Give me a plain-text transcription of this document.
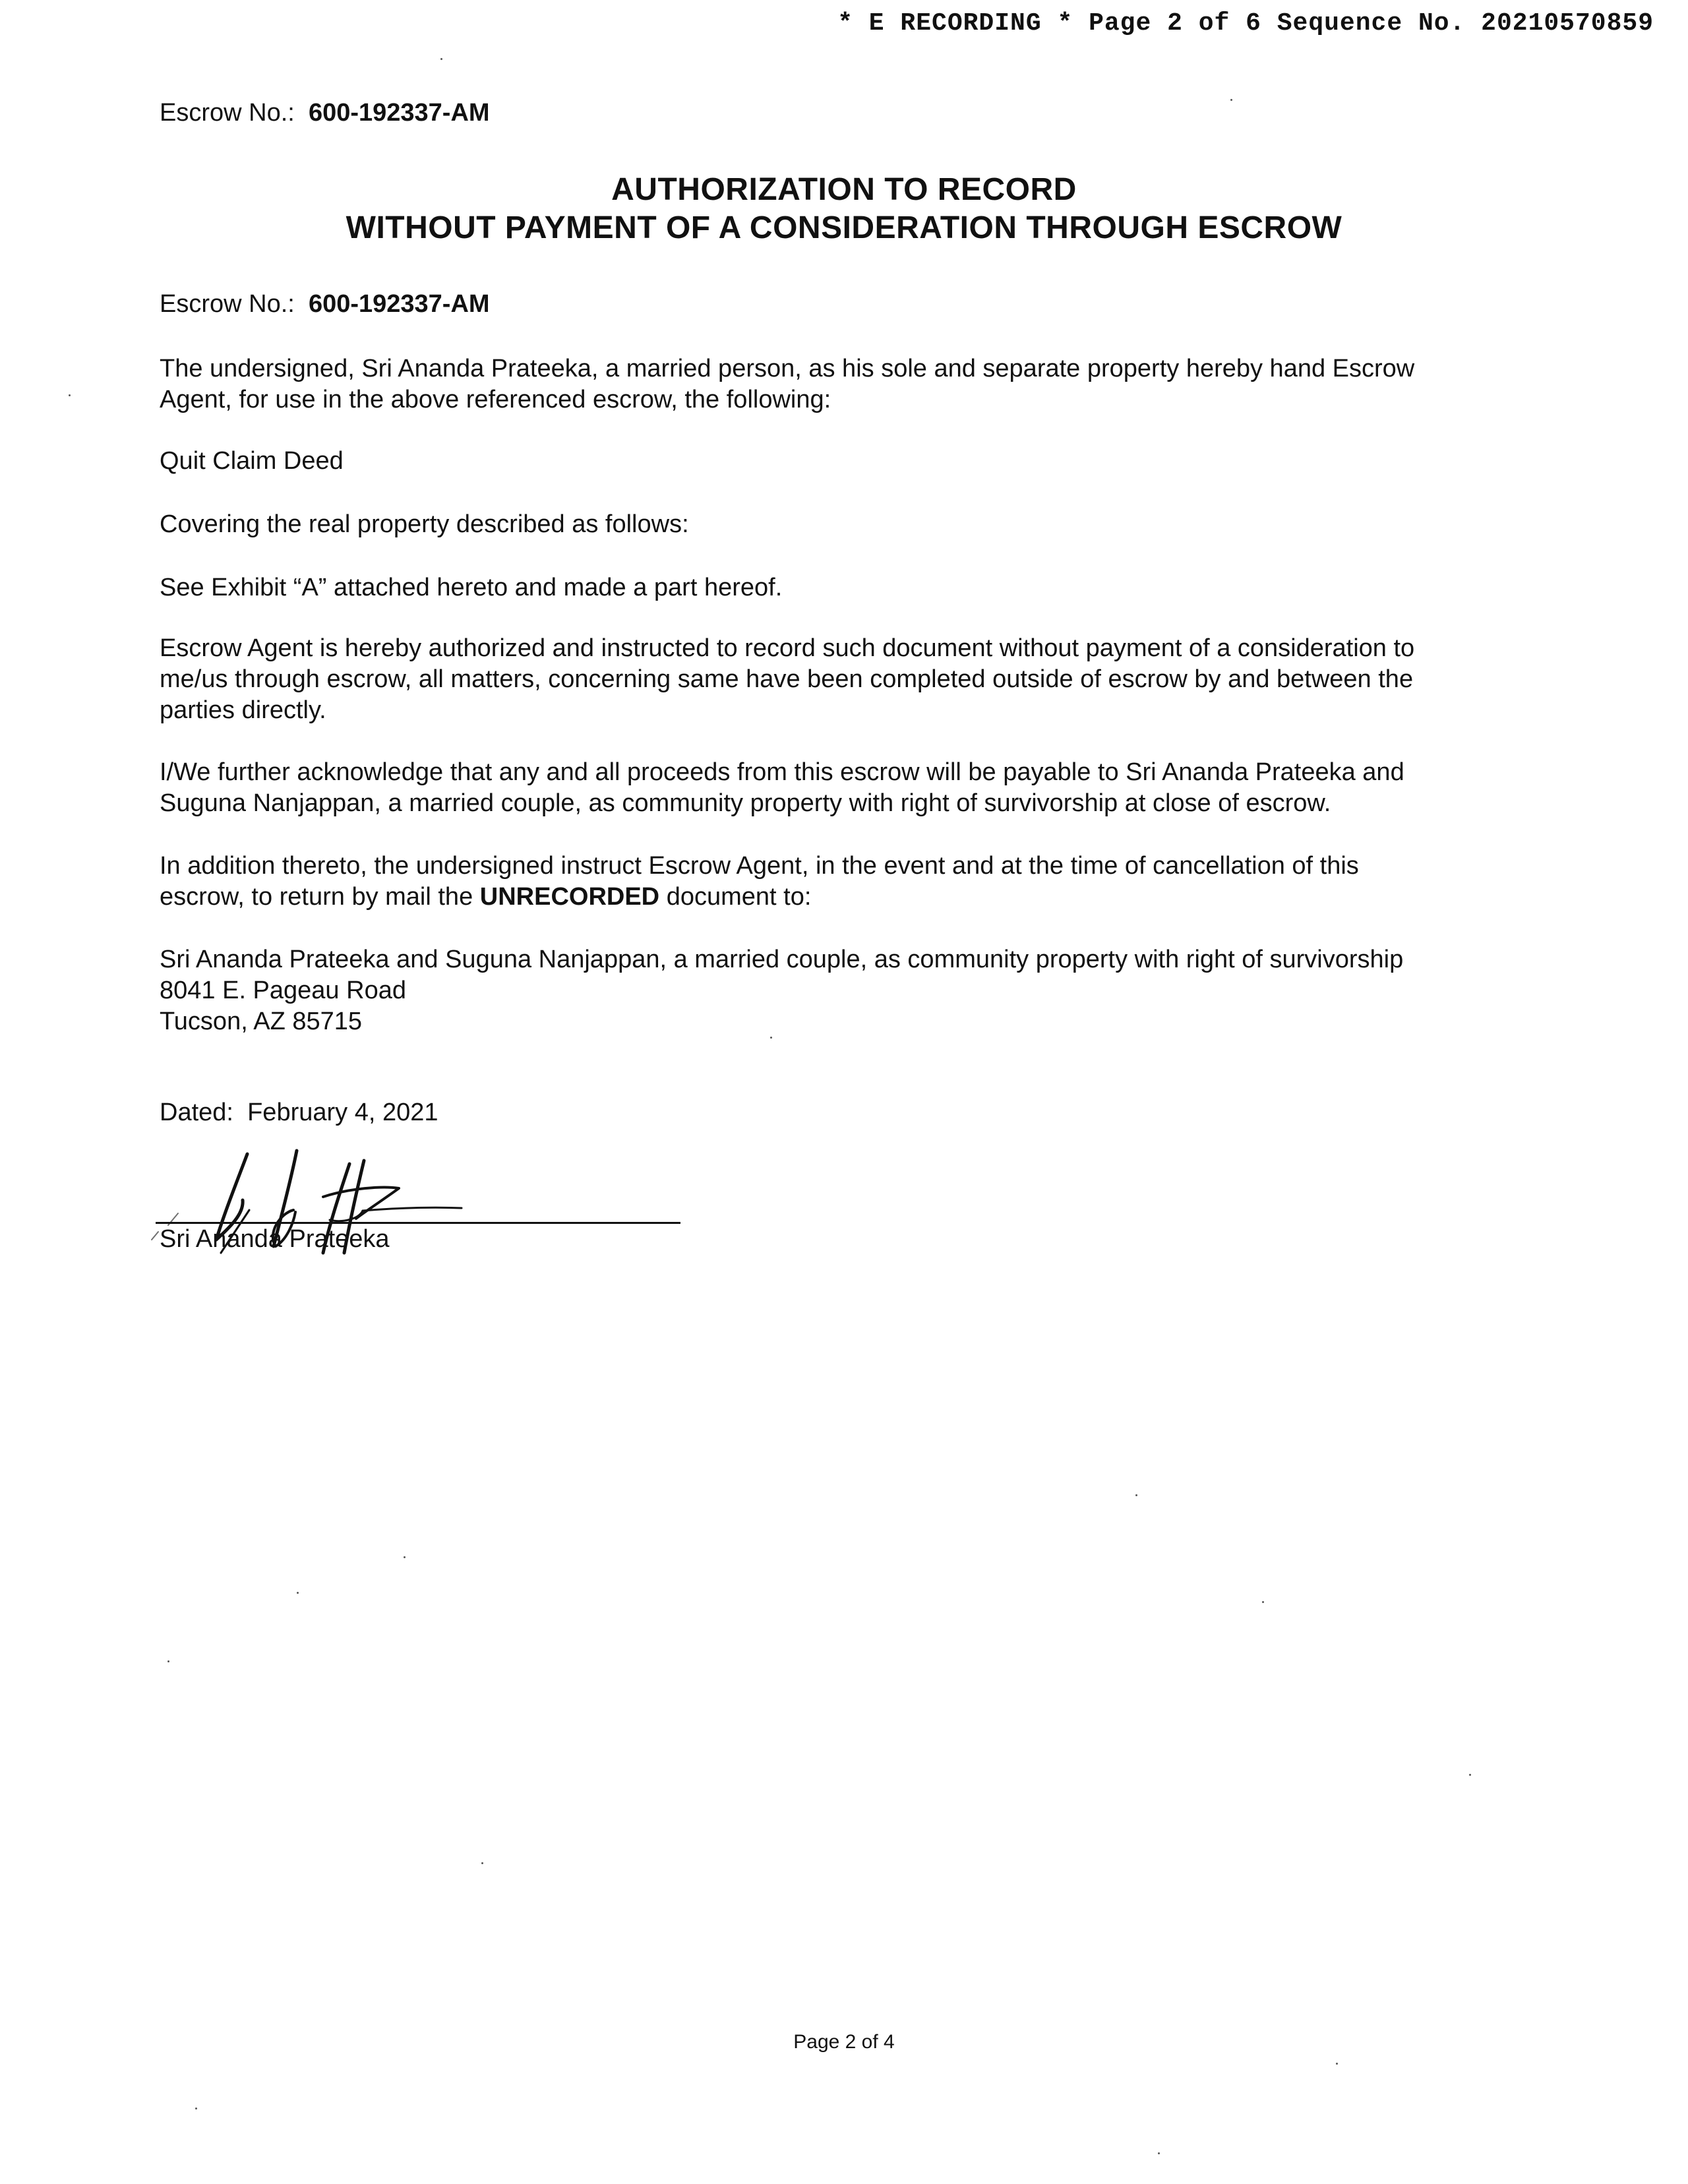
* E RECORDING * Page 2 of 6 Sequence No. 20210570859
Escrow No.: 600-192337-AM
AUTHORIZATION TO RECORD
WITHOUT PAYMENT OF A CONSIDERATION THROUGH ESCROW
Escrow No.: 600-192337-AM
The undersigned, Sri Ananda Prateeka, a married person, as his sole and separate property hereby hand Escrow
Agent, for use in the above referenced escrow, the following:
Quit Claim Deed
Covering the real property described as follows:
See Exhibit “A” attached hereto and made a part hereof.
Escrow Agent is hereby authorized and instructed to record such document without payment of a consideration to
me/us through escrow, all matters, concerning same have been completed outside of escrow by and between the
parties directly.
I/We further acknowledge that any and all proceeds from this escrow will be payable to Sri Ananda Prateeka and
Suguna Nanjappan, a married couple, as community property with right of survivorship at close of escrow.
In addition thereto, the undersigned instruct Escrow Agent, in the event and at the time of cancellation of this
escrow, to return by mail the UNRECORDED document to:
Sri Ananda Prateeka and Suguna Nanjappan, a married couple, as community property with right of survivorship
8041 E. Pageau Road
Tucson, AZ 85715
Dated: February 4, 2021
Sri Ananda Prateeka
Page 2 of 4
